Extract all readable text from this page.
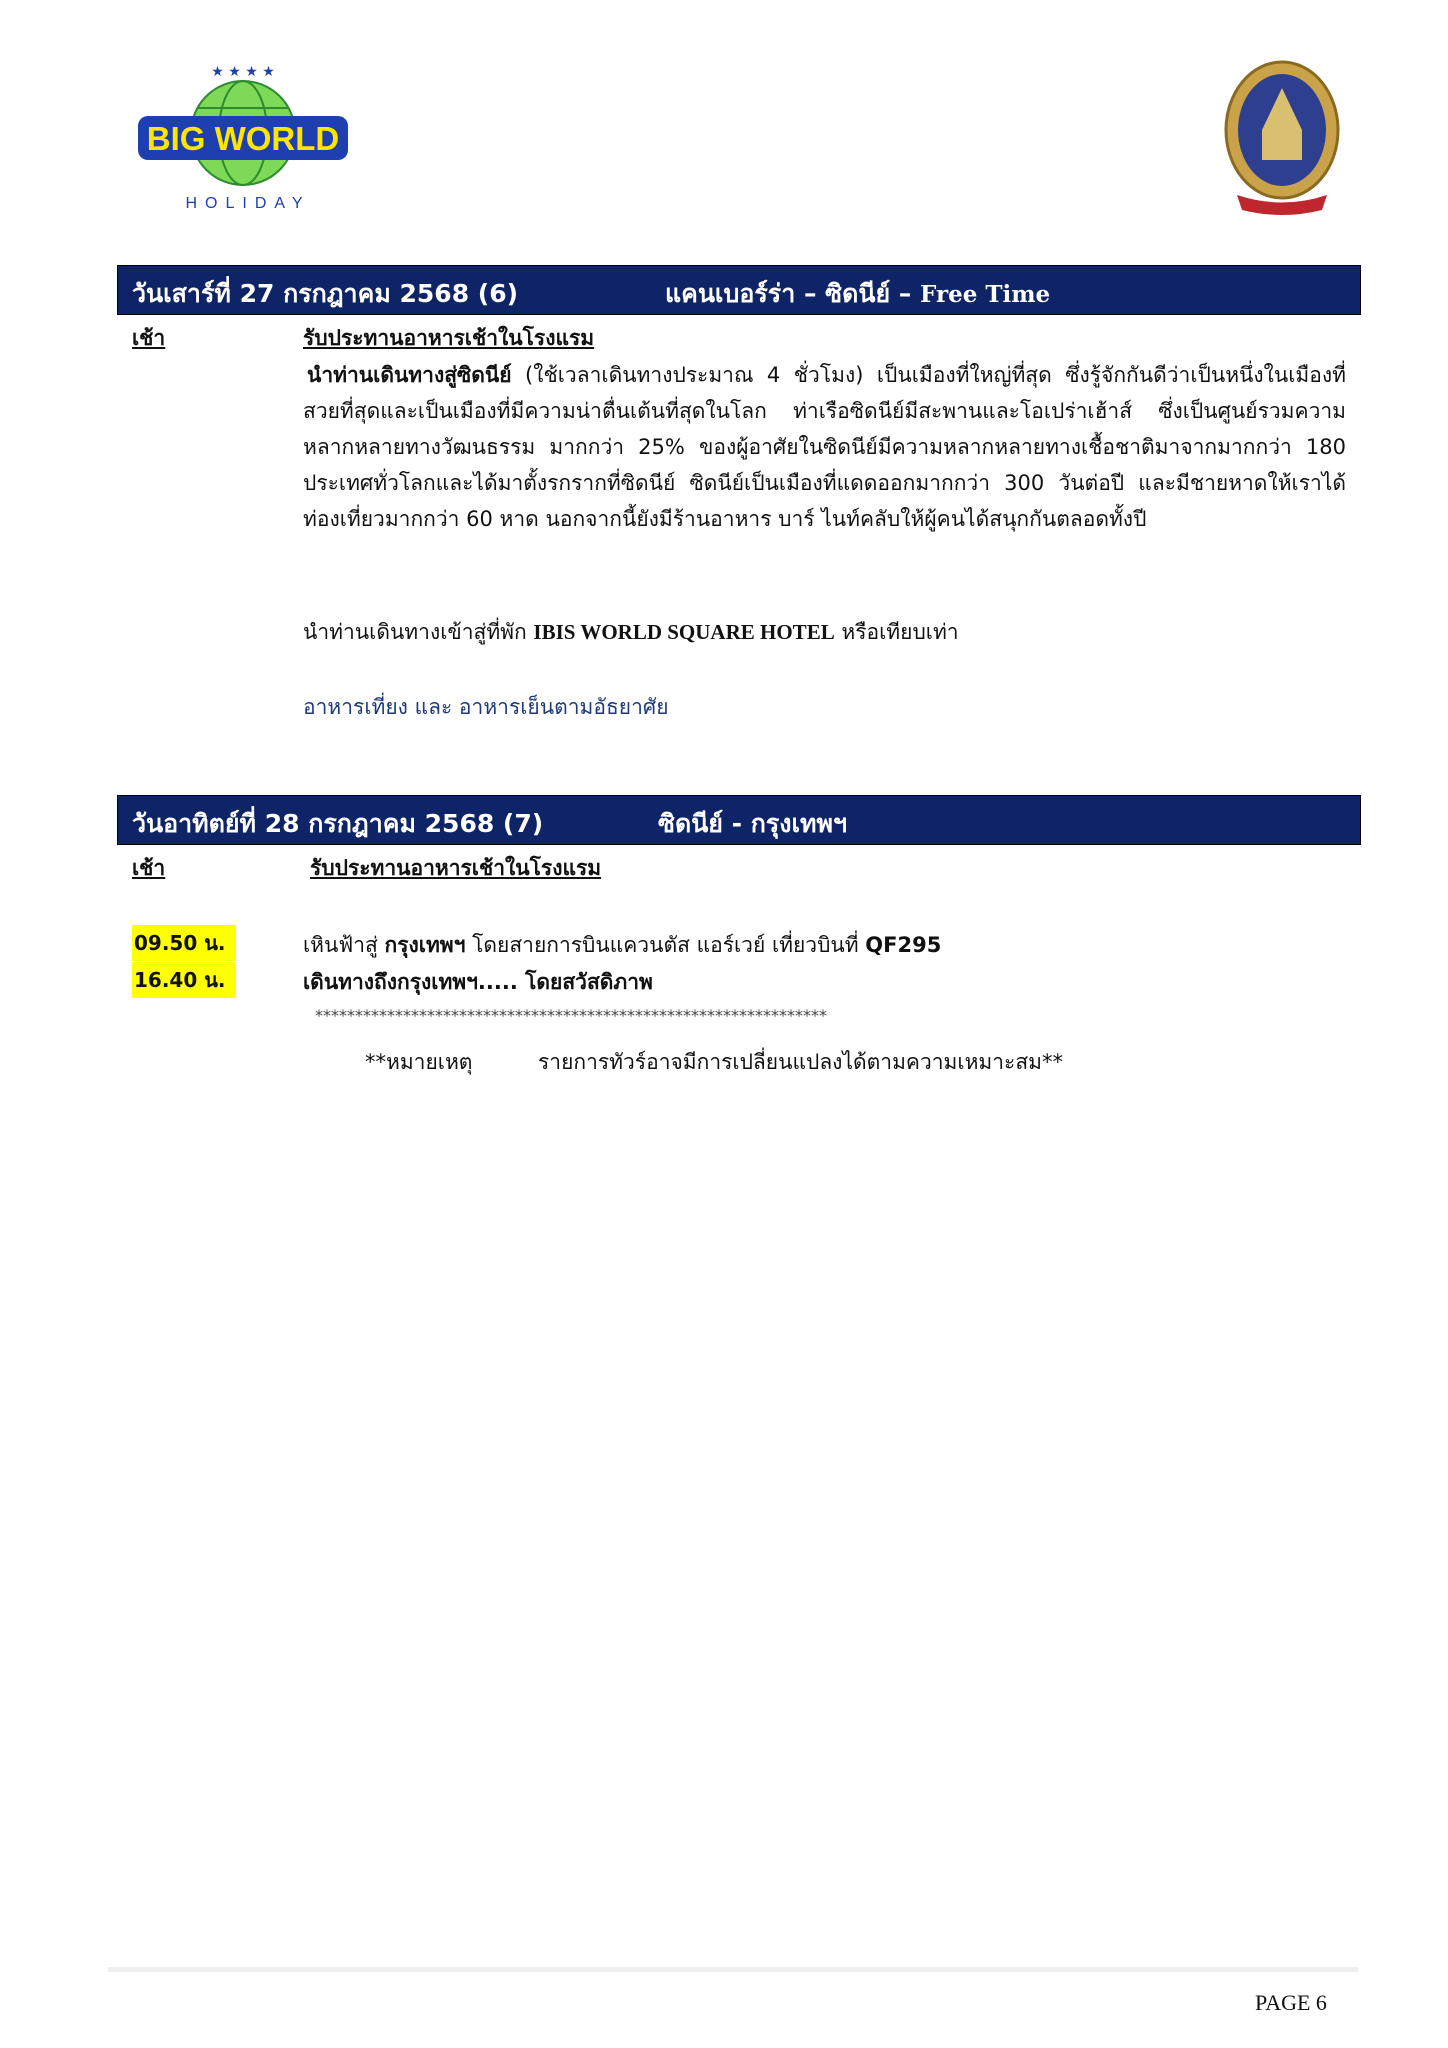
★ ★ ★ ★
BIG WORLD
HOLIDAY
วันเสาร์ที่ 27 กรกฎาคม 2568 (6)	แคนเบอร์ร่า – ซิดนีย์ – Free Time
เช้า	รับประทานอาหารเช้าในโรงแรม
นำท่านเดินทางสู่ซิดนีย์ (ใช้เวลาเดินทางประมาณ 4 ชั่วโมง) เป็นเมืองที่ใหญ่ที่สุด ซึ่งรู้จักกันดีว่าเป็นหนึ่งในเมืองที่สวยที่สุดและเป็นเมืองที่มีความน่าตื่นเต้นที่สุดในโลก ท่าเรือซิดนีย์มีสะพานและโอเปร่าเฮ้าส์ ซึ่งเป็นศูนย์รวมความหลากหลายทางวัฒนธรรม มากกว่า 25% ของผู้อาศัยในซิดนีย์มีความหลากหลายทางเชื้อชาติมาจากมากกว่า 180 ประเทศทั่วโลกและได้มาตั้งรกรากที่ซิดนีย์ ซิดนีย์เป็นเมืองที่แดดออกมากกว่า 300 วันต่อปี และมีชายหาดให้เราได้ท่องเที่ยวมากกว่า 60 หาด นอกจากนี้ยังมีร้านอาหาร บาร์ ไนท์คลับให้ผู้คนได้สนุกกันตลอดทั้งปี
นำท่านเดินทางเข้าสู่ที่พัก IBIS WORLD SQUARE HOTEL หรือเทียบเท่า
อาหารเที่ยง และ อาหารเย็นตามอัธยาศัย
วันอาทิตย์ที่ 28 กรกฎาคม 2568 (7)	ซิดนีย์ - กรุงเทพฯ
เช้า	รับประทานอาหารเช้าในโรงแรม
09.50 น.	เหินฟ้าสู่ กรุงเทพฯ โดยสายการบินแควนตัส แอร์เวย์ เที่ยวบินที่ QF295
16.40 น.	เดินทางถึงกรุงเทพฯ..... โดยสวัสดิภาพ
****************************************************************
**หมายเหตุ	รายการทัวร์อาจมีการเปลี่ยนแปลงได้ตามความเหมาะสม**
PAGE 6
